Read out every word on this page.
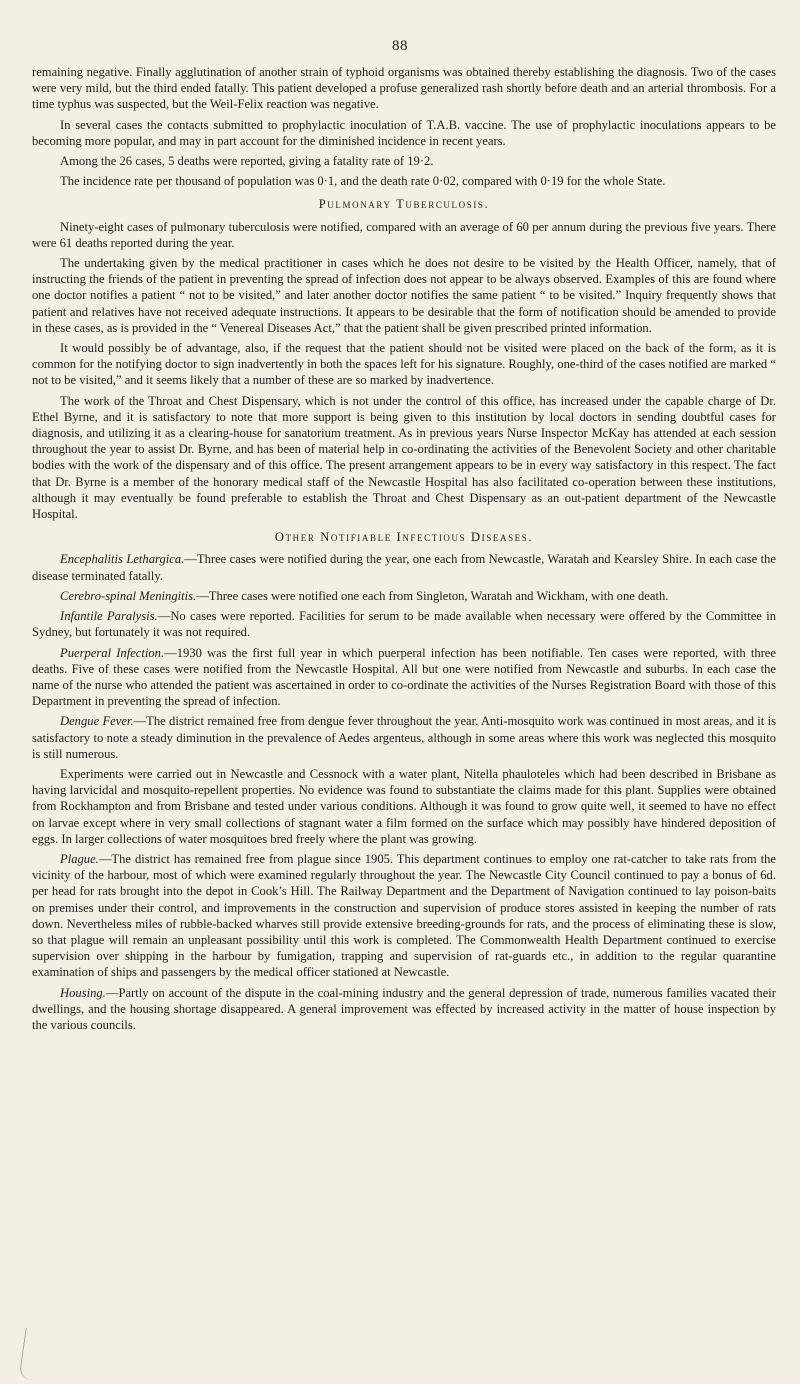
88

remaining negative. Finally agglutination of another strain of typhoid organisms was obtained thereby establishing the diagnosis. Two of the cases were very mild, but the third ended fatally. This patient developed a profuse generalized rash shortly before death and an arterial thrombosis. For a time typhus was suspected, but the Weil-Felix reaction was negative.

In several cases the contacts submitted to prophylactic inoculation of T.A.B. vaccine. The use of prophylactic inoculations appears to be becoming more popular, and may in part account for the diminished incidence in recent years.

Among the 26 cases, 5 deaths were reported, giving a fatality rate of 19·2.

The incidence rate per thousand of population was 0·1, and the death rate 0·02, compared with 0·19 for the whole State.

Pulmonary Tuberculosis.

Ninety-eight cases of pulmonary tuberculosis were notified, compared with an average of 60 per annum during the previous five years. There were 61 deaths reported during the year.

The undertaking given by the medical practitioner in cases which he does not desire to be visited by the Health Officer, namely, that of instructing the friends of the patient in preventing the spread of infection does not appear to be always observed. Examples of this are found where one doctor notifies a patient “ not to be visited,” and later another doctor notifies the same patient “ to be visited.” Inquiry frequently shows that patient and relatives have not received adequate instructions. It appears to be desirable that the form of notification should be amended to provide in these cases, as is provided in the “ Venereal Diseases Act,” that the patient shall be given prescribed printed information.

It would possibly be of advantage, also, if the request that the patient should not be visited were placed on the back of the form, as it is common for the notifying doctor to sign inadvertently in both the spaces left for his signature. Roughly, one-third of the cases notified are marked “ not to be visited,” and it seems likely that a number of these are so marked by inadvertence.

The work of the Throat and Chest Dispensary, which is not under the control of this office, has increased under the capable charge of Dr. Ethel Byrne, and it is satisfactory to note that more support is being given to this institution by local doctors in sending doubtful cases for diagnosis, and utilizing it as a clearing-house for sanatorium treatment. As in previous years Nurse Inspector McKay has attended at each session throughout the year to assist Dr. Byrne, and has been of material help in co-ordinating the activities of the Benevolent Society and other charitable bodies with the work of the dispensary and of this office. The present arrangement appears to be in every way satisfactory in this respect. The fact that Dr. Byrne is a member of the honorary medical staff of the Newcastle Hospital has also facilitated co-operation between these institutions, although it may eventually be found preferable to establish the Throat and Chest Dispensary as an out-patient department of the Newcastle Hospital.

Other Notifiable Infectious Diseases.

Encephalitis Lethargica.—Three cases were notified during the year, one each from Newcastle, Waratah and Kearsley Shire. In each case the disease terminated fatally.

Cerebro-spinal Meningitis.—Three cases were notified one each from Singleton, Waratah and Wickham, with one death.

Infantile Paralysis.—No cases were reported. Facilities for serum to be made available when necessary were offered by the Committee in Sydney, but fortunately it was not required.

Puerperal Infection.—1930 was the first full year in which puerperal infection has been notifiable. Ten cases were reported, with three deaths. Five of these cases were notified from the Newcastle Hospital. All but one were notified from Newcastle and suburbs. In each case the name of the nurse who attended the patient was ascertained in order to co-ordinate the activities of the Nurses Registration Board with those of this Department in preventing the spread of infection.

Dengue Fever.—The district remained free from dengue fever throughout the year. Anti-mosquito work was continued in most areas, and it is satisfactory to note a steady diminution in the prevalence of Aedes argenteus, although in some areas where this work was neglected this mosquito is still numerous.

Experiments were carried out in Newcastle and Cessnock with a water plant, Nitella phauloteles which had been described in Brisbane as having larvicidal and mosquito-repellent properties. No evidence was found to substantiate the claims made for this plant. Supplies were obtained from Rockhampton and from Brisbane and tested under various conditions. Although it was found to grow quite well, it seemed to have no effect on larvae except where in very small collections of stagnant water a film formed on the surface which may possibly have hindered deposition of eggs. In larger collections of water mosquitoes bred freely where the plant was growing.

Plague.—The district has remained free from plague since 1905. This department continues to employ one rat-catcher to take rats from the vicinity of the harbour, most of which were examined regularly throughout the year. The Newcastle City Council continued to pay a bonus of 6d. per head for rats brought into the depot in Cook’s Hill. The Railway Department and the Department of Navigation continued to lay poison-baits on premises under their control, and improvements in the construction and supervision of produce stores assisted in keeping the number of rats down. Nevertheless miles of rubble-backed wharves still provide extensive breeding-grounds for rats, and the process of eliminating these is slow, so that plague will remain an unpleasant possibility until this work is completed. The Commonwealth Health Department continued to exercise supervision over shipping in the harbour by fumigation, trapping and supervision of rat-guards etc., in addition to the regular quarantine examination of ships and passengers by the medical officer stationed at Newcastle.

Housing.—Partly on account of the dispute in the coal-mining industry and the general depression of trade, numerous families vacated their dwellings, and the housing shortage disappeared. A general improvement was effected by increased activity in the matter of house inspection by the various councils.
